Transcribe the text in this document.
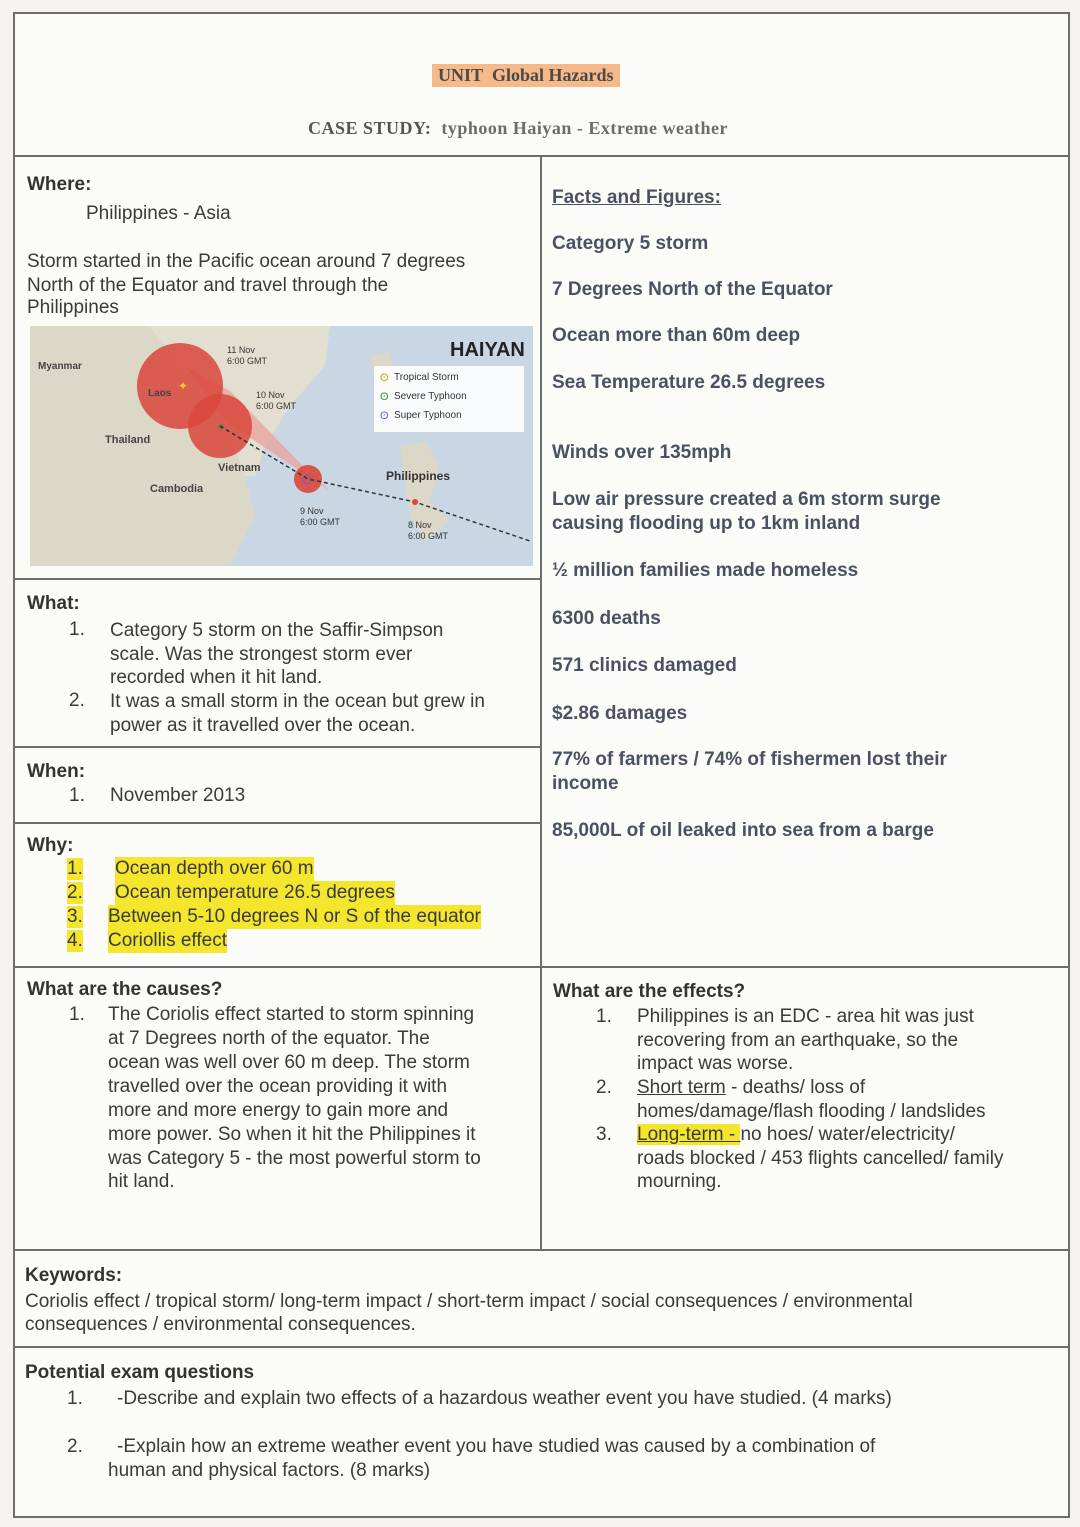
UNIT Global Hazards
CASE STUDY: typhoon Haiyan - Extreme weather
Where:
Philippines - Asia
Storm started in the Pacific ocean around 7 degrees
North of the Equator and travel through the
Philippines
✦
✦
ʘ
HAIYAN
ʘ Tropical Storm
ʘ Severe Typhoon
ʘ Super Typhoon
Myanmar
Laos
Thailand
Vietnam
Cambodia
Philippines
11 Nov
6:00 GMT
10 Nov
6:00 GMT
9 Nov
6:00 GMT	8 Nov
6:00 GMT
What:
1. Category 5 storm on the Saffir-Simpson
scale. Was the strongest storm ever
recorded when it hit land.
2. It was a small storm in the ocean but grew in
power as it travelled over the ocean.
When:
1. November 2013
Why:
1. Ocean depth over 60 m
2. Ocean temperature 26.5 degrees
3. Between 5-10 degrees N or S of the equator
4. Coriollis effect
Facts and Figures:
Category 5 storm
7 Degrees North of the Equator
Ocean more than 60m deep
Sea Temperature 26.5 degrees
Winds over 135mph
Low air pressure created a 6m storm surge
causing flooding up to 1km inland
½ million families made homeless
6300 deaths
571 clinics damaged
$2.86 damages
77% of farmers / 74% of fishermen lost their
income
85,000L of oil leaked into sea from a barge
What are the causes?
1. The Coriolis effect started to storm spinning
at 7 Degrees north of the equator. The
ocean was well over 60 m deep. The storm
travelled over the ocean providing it with
more and more energy to gain more and
more power. So when it hit the Philippines it
was Category 5 - the most powerful storm to
hit land.
What are the effects?
1. Philippines is an EDC - area hit was just
recovering from an earthquake, so the
impact was worse.
2. Short term - deaths/ loss of
homes/damage/flash flooding / landslides
3. Long-term - no hoes/ water/electricity/
roads blocked / 453 flights cancelled/ family
mourning.
Keywords:
Coriolis effect / tropical storm/ long-term impact / short-term impact / social consequences / environmental
consequences / environmental consequences.
Potential exam questions
1. -Describe and explain two effects of a hazardous weather event you have studied. (4 marks)
2. -Explain how an extreme weather event you have studied was caused by a combination of
human and physical factors. (8 marks)
